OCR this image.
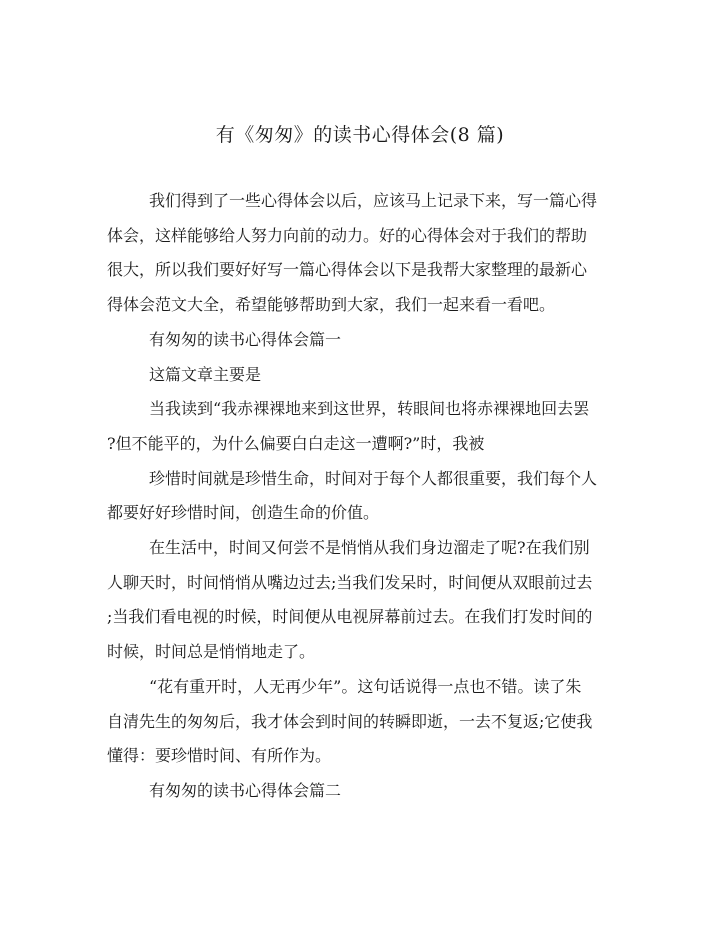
有《匆匆》的读书心得体会(8 篇)
我们得到了一些心得体会以后，应该马上记录下来，写一篇心得
体会，这样能够给人努力向前的动力。好的心得体会对于我们的帮助
很大，所以我们要好好写一篇心得体会以下是我帮大家整理的最新心
得体会范文大全，希望能够帮助到大家，我们一起来看一看吧。
有匆匆的读书心得体会篇一
这篇文章主要是
当我读到“我赤裸裸地来到这世界，转眼间也将赤裸裸地回去罢
?但不能平的，为什么偏要白白走这一遭啊?”时，我被
珍惜时间就是珍惜生命，时间对于每个人都很重要，我们每个人
都要好好珍惜时间，创造生命的价值。
在生活中，时间又何尝不是悄悄从我们身边溜走了呢?在我们别
人聊天时，时间悄悄从嘴边过去;当我们发呆时，时间便从双眼前过去
;当我们看电视的时候，时间便从电视屏幕前过去。在我们打发时间的
时候，时间总是悄悄地走了。
“花有重开时，人无再少年”。这句话说得一点也不错。读了朱
自清先生的匆匆后，我才体会到时间的转瞬即逝，一去不复返;它使我
懂得：要珍惜时间、有所作为。
有匆匆的读书心得体会篇二
